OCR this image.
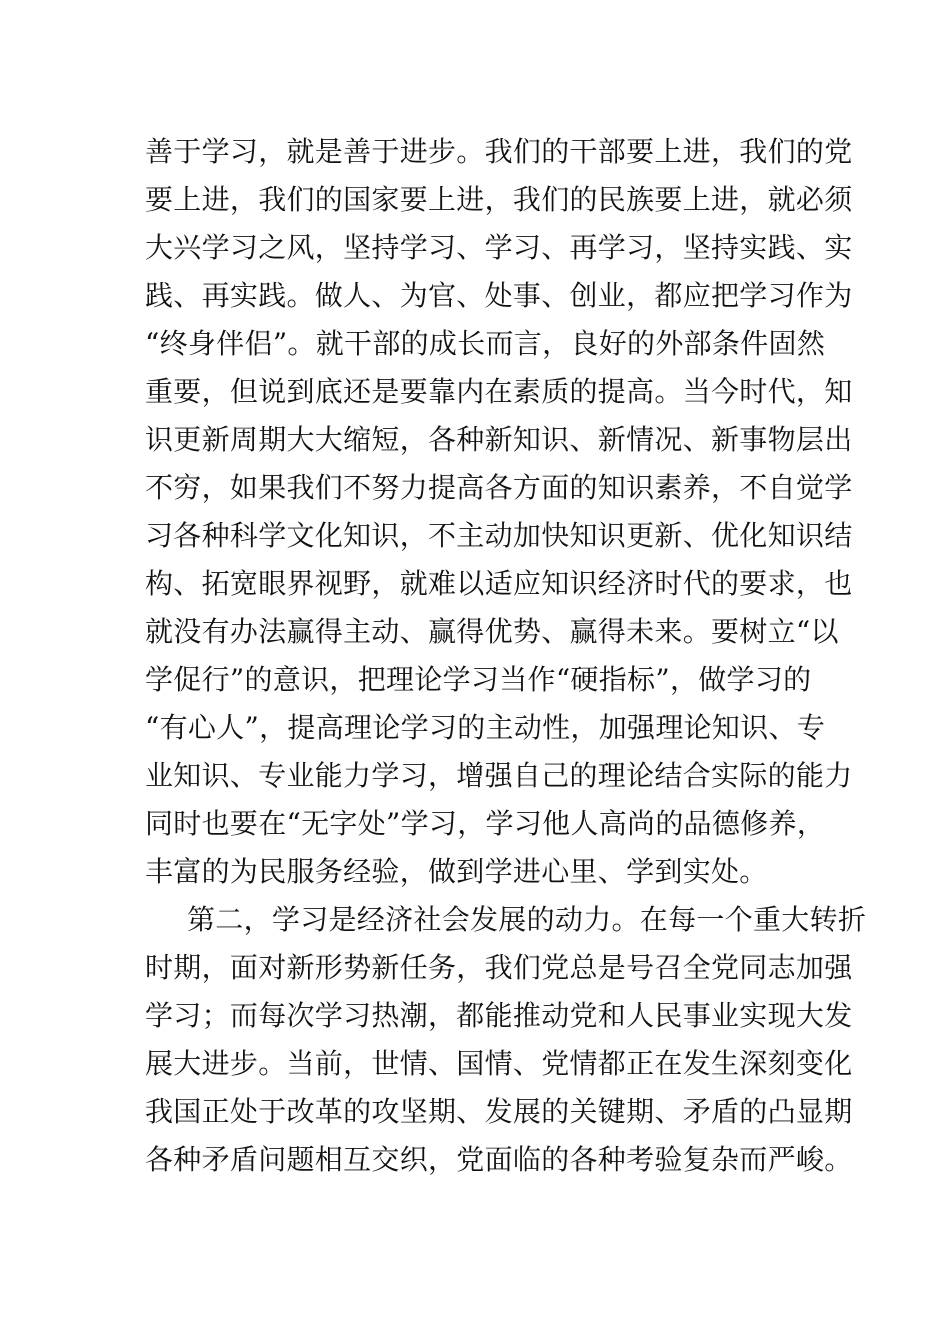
善于学习，就是善于进步。我们的干部要上进，我们的党
要上进，我们的国家要上进，我们的民族要上进，就必须
大兴学习之风，坚持学习、学习、再学习，坚持实践、实
践、再实践。做人、为官、处事、创业，都应把学习作为
“终身伴侣”。就干部的成长而言，良好的外部条件固然
重要，但说到底还是要靠内在素质的提高。当今时代，知
识更新周期大大缩短，各种新知识、新情况、新事物层出
不穷，如果我们不努力提高各方面的知识素养，不自觉学
习各种科学文化知识，不主动加快知识更新、优化知识结
构、拓宽眼界视野，就难以适应知识经济时代的要求，也
就没有办法赢得主动、赢得优势、赢得未来。要树立“以
学促行”的意识，把理论学习当作“硬指标”，做学习的
“有心人”，提高理论学习的主动性，加强理论知识、专
业知识、专业能力学习，增强自己的理论结合实际的能力
同时也要在“无字处”学习，学习他人高尚的品德修养，
丰富的为民服务经验，做到学进心里、学到实处。
第二，学习是经济社会发展的动力。在每一个重大转折
时期，面对新形势新任务，我们党总是号召全党同志加强
学习；而每次学习热潮，都能推动党和人民事业实现大发
展大进步。当前，世情、国情、党情都正在发生深刻变化
我国正处于改革的攻坚期、发展的关键期、矛盾的凸显期
各种矛盾问题相互交织，党面临的各种考验复杂而严峻。
